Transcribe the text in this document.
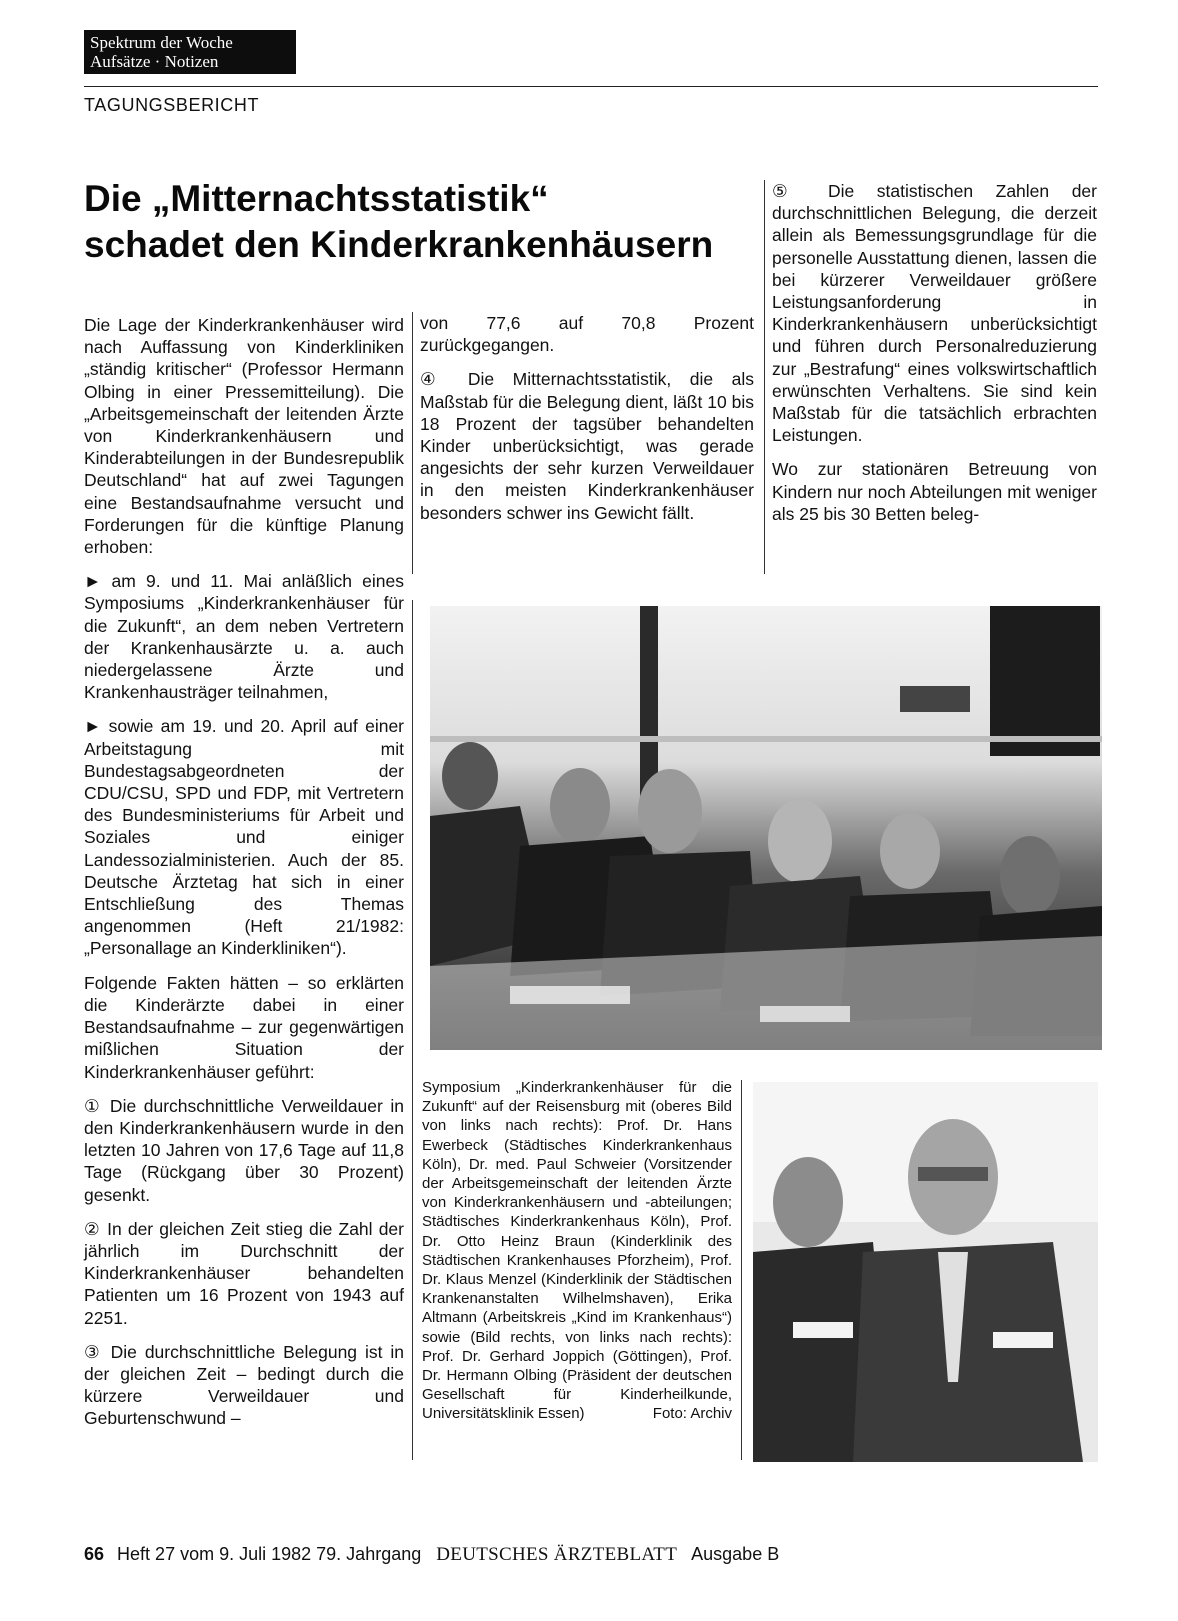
Spektrum der Woche
Aufsätze · Notizen
TAGUNGSBERICHT
Die „Mitternachtsstatistik“
schadet den Kinderkrankenhäusern

Die Lage der Kinderkrankenhäuser wird nach Auffassung von Kinderkliniken „ständig kritischer“ (Professor Hermann Olbing in einer Pressemitteilung). Die „Arbeitsgemeinschaft der leitenden Ärzte von Kinderkrankenhäusern und Kinderabteilungen in der Bundesrepublik Deutschland“ hat auf zwei Tagungen eine Bestandsaufnahme versucht und Forderungen für die künftige Planung erhoben:

► am 9. und 11. Mai anläßlich eines Symposiums „Kinderkrankenhäuser für die Zukunft“, an dem neben Vertretern der Krankenhausärzte u. a. auch niedergelassene Ärzte und Krankenhausträger teilnahmen,

► sowie am 19. und 20. April auf einer Arbeitstagung mit Bundestagsabgeordneten der CDU/CSU, SPD und FDP, mit Vertretern des Bundesministeriums für Arbeit und Soziales und einiger Landessozialministerien. Auch der 85. Deutsche Ärztetag hat sich in einer Entschließung des Themas angenommen (Heft 21/1982: „Personallage an Kinderkliniken“).

Folgende Fakten hätten – so erklärten die Kinderärzte dabei in einer Bestandsaufnahme – zur gegenwärtigen mißlichen Situation der Kinderkrankenhäuser geführt:

① Die durchschnittliche Verweildauer in den Kinderkrankenhäusern wurde in den letzten 10 Jahren von 17,6 Tage auf 11,8 Tage (Rückgang über 30 Prozent) gesenkt.

② In der gleichen Zeit stieg die Zahl der jährlich im Durchschnitt der Kinderkrankenhäuser behandelten Patienten um 16 Prozent von 1943 auf 2251.

③ Die durchschnittliche Belegung ist in der gleichen Zeit – bedingt durch die kürzere Verweildauer und Geburtenschwund –

von 77,6 auf 70,8 Prozent zurückgegangen.

④ Die Mitternachtsstatistik, die als Maßstab für die Belegung dient, läßt 10 bis 18 Prozent der tagsüber behandelten Kinder unberücksichtigt, was gerade angesichts der sehr kurzen Verweildauer in den meisten Kinderkrankenhäuser besonders schwer ins Gewicht fällt.

⑤ Die statistischen Zahlen der durchschnittlichen Belegung, die derzeit allein als Bemessungsgrundlage für die personelle Ausstattung dienen, lassen die bei kürzerer Verweildauer größere Leistungsanforderung in Kinderkrankenhäusern unberücksichtigt und führen durch Personalreduzierung zur „Bestrafung“ eines volkswirtschaftlich erwünschten Verhaltens. Sie sind kein Maßstab für die tatsächlich erbrachten Leistungen.

Wo zur stationären Betreuung von Kindern nur noch Abteilungen mit weniger als 25 bis 30 Betten beleg-

Symposium „Kinderkrankenhäuser für die Zukunft“ auf der Reisensburg mit (oberes Bild von links nach rechts): Prof. Dr. Hans Ewerbeck (Städtisches Kinderkrankenhaus Köln), Dr. med. Paul Schweier (Vorsitzender der Arbeitsgemeinschaft der leitenden Ärzte von Kinderkrankenhäusern und -abteilungen; Städtisches Kinderkrankenhaus Köln), Prof. Dr. Otto Heinz Braun (Kinderklinik des Städtischen Krankenhauses Pforzheim), Prof. Dr. Klaus Menzel (Kinderklinik der Städtischen Krankenanstalten Wilhelmshaven), Erika Altmann (Arbeitskreis „Kind im Krankenhaus“) sowie (Bild rechts, von links nach rechts): Prof. Dr. Gerhard Joppich (Göttingen), Prof. Dr. Hermann Olbing (Präsident der deutschen Gesellschaft für Kinderheilkunde, Universitätsklinik Essen)	Foto: Archiv
66 Heft 27 vom 9. Juli 1982 79. Jahrgang DEUTSCHES ÄRZTEBLATT Ausgabe B
